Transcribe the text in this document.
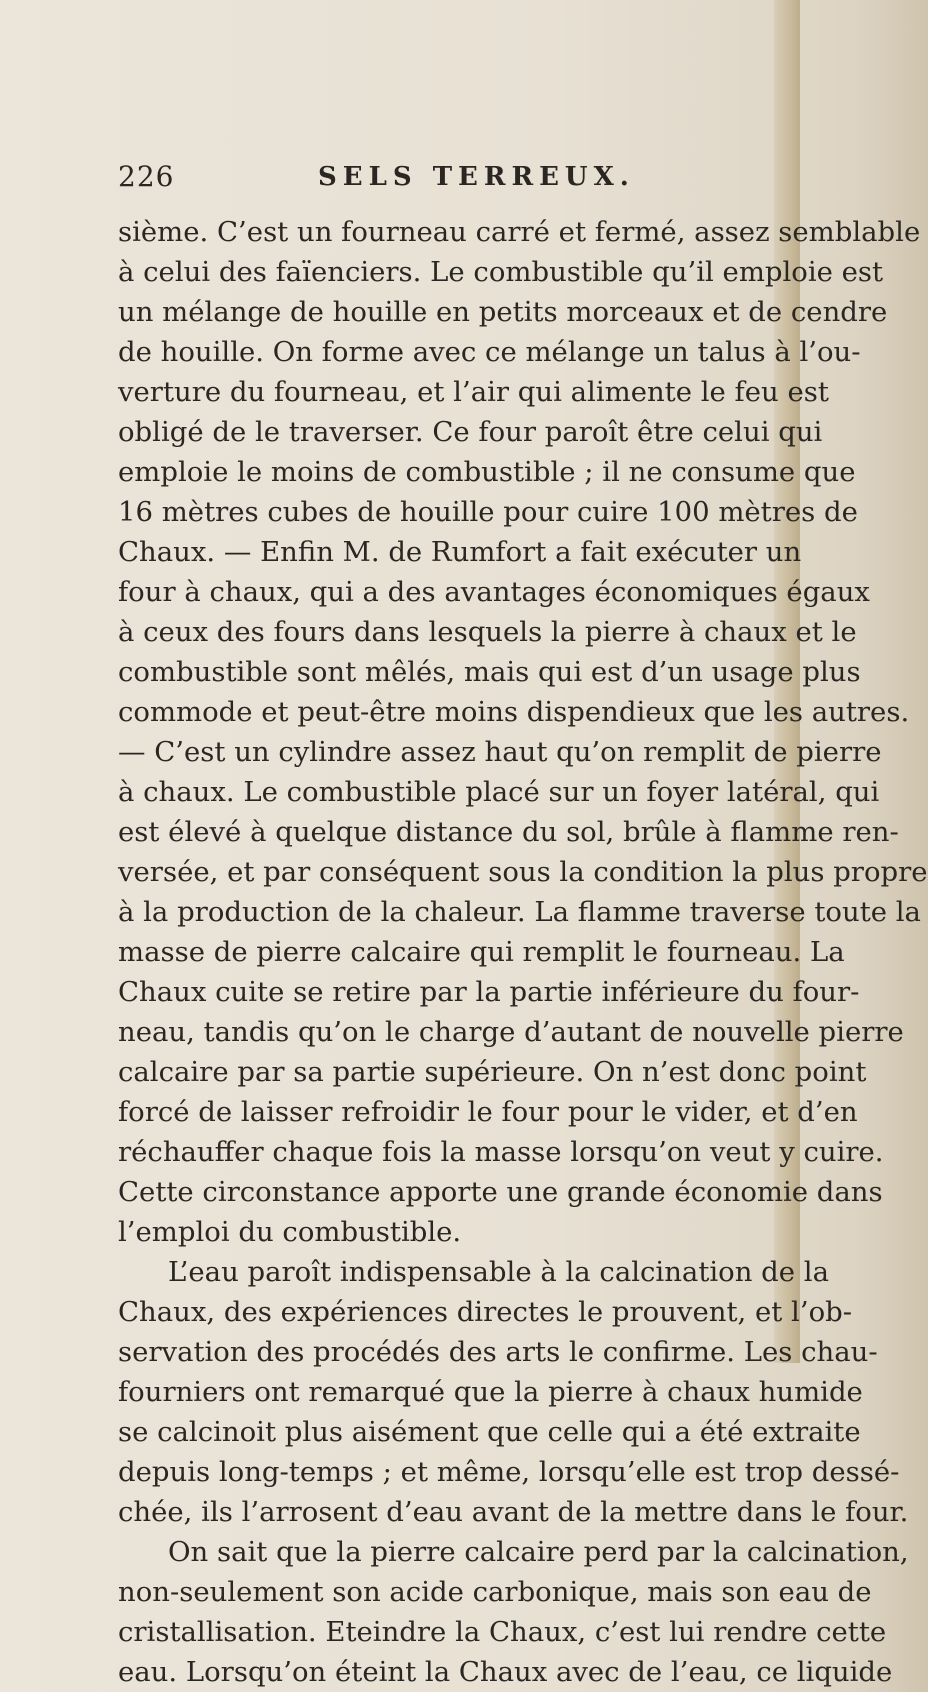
226	SELS TERREUX.
sième. C’est un fourneau carré et fermé, assez semblable
à celui des faïenciers. Le combustible qu’il emploie est
un mélange de houille en petits morceaux et de cendre
de houille. On forme avec ce mélange un talus à l’ou-
verture du fourneau, et l’air qui alimente le feu est
obligé de le traverser. Ce four paroît être celui qui
emploie le moins de combustible ; il ne consume que
16 mètres cubes de houille pour cuire 100 mètres de
Chaux. — Enfin M. de Rumfort a fait exécuter un
four à chaux, qui a des avantages économiques égaux
à ceux des fours dans lesquels la pierre à chaux et le
combustible sont mêlés, mais qui est d’un usage plus
commode et peut-être moins dispendieux que les autres.
— C’est un cylindre assez haut qu’on remplit de pierre
à chaux. Le combustible placé sur un foyer latéral, qui
est élevé à quelque distance du sol, brûle à flamme ren-
versée, et par conséquent sous la condition la plus propre
à la production de la chaleur. La flamme traverse toute la
masse de pierre calcaire qui remplit le fourneau. La
Chaux cuite se retire par la partie inférieure du four-
neau, tandis qu’on le charge d’autant de nouvelle pierre
calcaire par sa partie supérieure. On n’est donc point
forcé de laisser refroidir le four pour le vider, et d’en
réchauffer chaque fois la masse lorsqu’on veut y cuire.
Cette circonstance apporte une grande économie dans
l’emploi du combustible.
L’eau paroît indispensable à la calcination de la
Chaux, des expériences directes le prouvent, et l’ob-
servation des procédés des arts le confirme. Les chau-
fourniers ont remarqué que la pierre à chaux humide
se calcinoit plus aisément que celle qui a été extraite
depuis long-temps ; et même, lorsqu’elle est trop dessé-
chée, ils l’arrosent d’eau avant de la mettre dans le four.
On sait que la pierre calcaire perd par la calcination,
non-seulement son acide carbonique, mais son eau de
cristallisation. Eteindre la Chaux, c’est lui rendre cette
eau. Lorsqu’on éteint la Chaux avec de l’eau, ce liquide
